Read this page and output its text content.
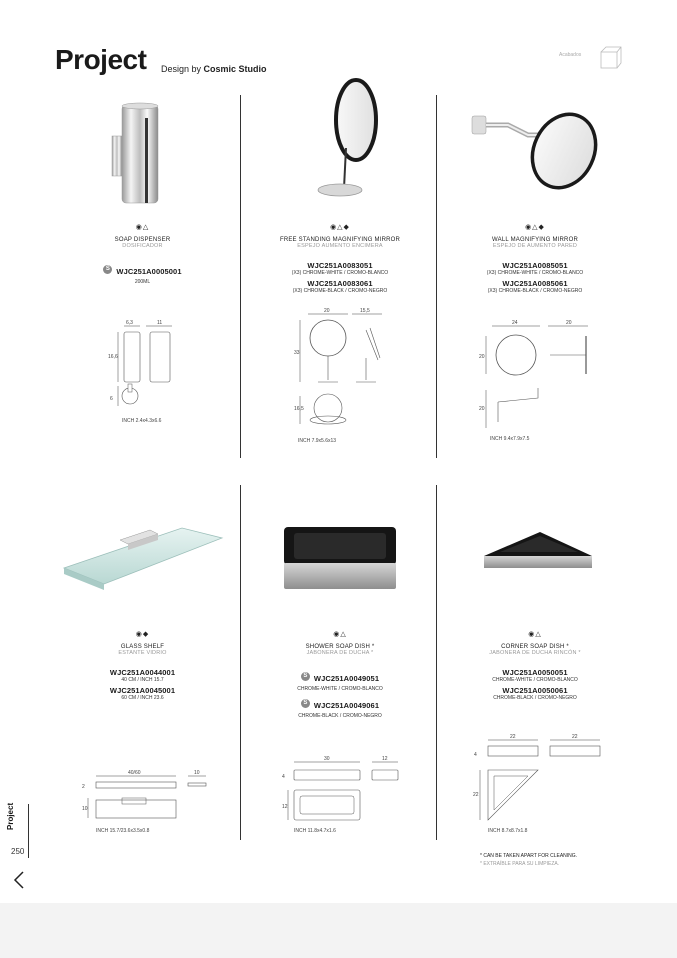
Project Design by Cosmic Studio
Acabados
◉△
SOAP DISPENSER
DOSIFICADOR
S WJC251A0005001
200ML
◉△◆
FREE STANDING MAGNIFYING MIRROR
ESPEJO AUMENTO ENCIMERA
WJC251A0083051
(X3) CHROME-WHITE / CROMO-BLANCO
WJC251A0083061
(X3) CHROME-BLACK / CROMO-NEGRO
◉△◆
WALL MAGNIFYING MIRROR
ESPEJO DE AUMENTO PARED
WJC251A0085051
(X3) CHROME-WHITE / CROMO-BLANCO
WJC251A0085061
(X3) CHROME-BLACK / CROMO-NEGRO
6,3	11
16,6
6
INCH 2.4x4.3x6.6
20	15,5
33
16,5
INCH 7.9x5.6x13
24	20
20
20
INCH 9.4x7.9x7.5
◉◆
GLASS SHELF
ESTANTE VIDRIO
WJC251A0044001
40 CM / INCH 15.7
WJC251A0045001
60 CM / INCH 23.6
◉△
SHOWER SOAP DISH *
JABONERA DE DUCHA *
S WJC251A0049051
CHROME-WHITE / CROMO-BLANCO
S WJC251A0049061
CHROME-BLACK / CROMO-NEGRO
◉△
CORNER SOAP DISH *
JABONERA DE DUCHA RINCÓN *
WJC251A0050051
CHROME-WHITE / CROMO-BLANCO
WJC251A0050061
CHROME-BLACK / CROMO-NEGRO
40/60	10
2
10
INCH 15.7/23.6x3.5x0.8
30	12
4
12
INCH 11.8x4.7x1.6
22	22
4
22
INCH 8.7x8.7x1.8
Project
250	* CAN BE TAKEN APART FOR CLEANING.
* EXTRAÍBLE PARA SU LIMPIEZA.
